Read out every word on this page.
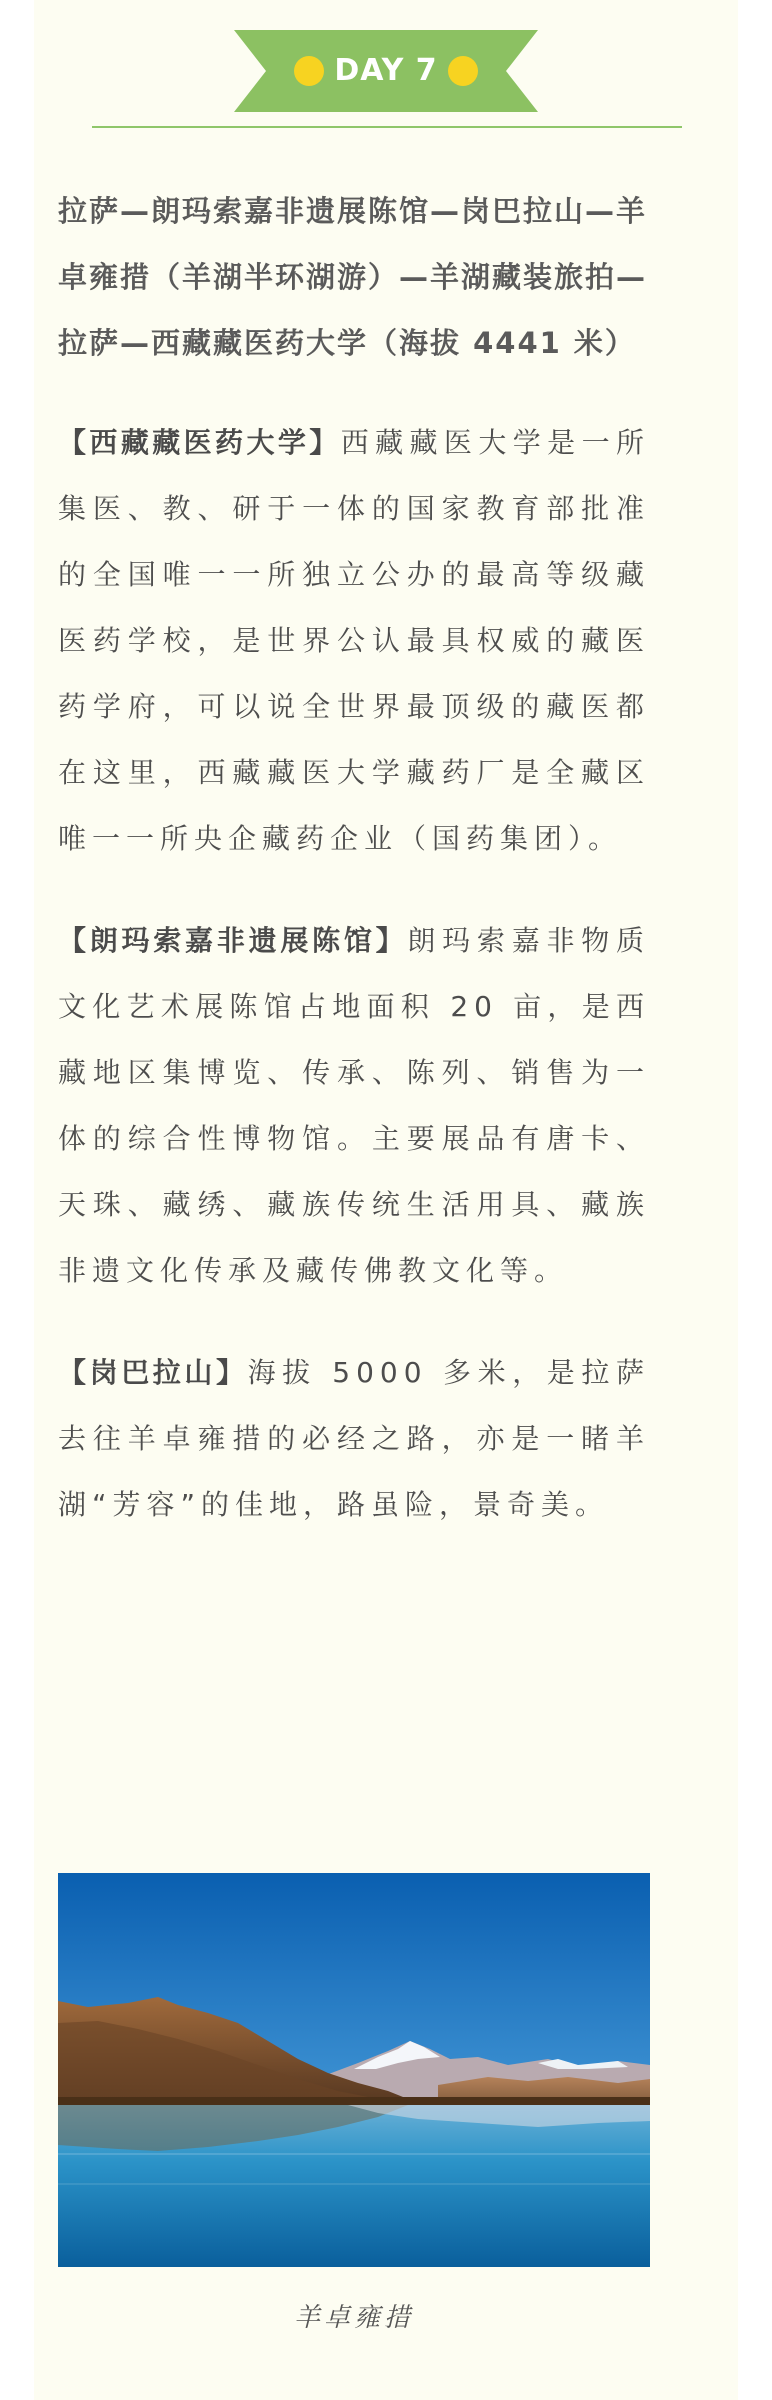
DAY 7

拉萨—朗玛索嘉非遗展陈馆—岗巴拉山—羊卓雍措（羊湖半环湖游）—羊湖藏装旅拍—拉萨—西藏藏医药大学（海拔 4441 米）

【西藏藏医药大学】西藏藏医大学是一所集医、教、研于一体的国家教育部批准的全国唯一一所独立公办的最高等级藏医药学校，是世界公认最具权威的藏医药学府，可以说全世界最顶级的藏医都在这里，西藏藏医大学藏药厂是全藏区唯一一所央企藏药企业（国药集团）。

【朗玛索嘉非遗展陈馆】朗玛索嘉非物质文化艺术展陈馆占地面积 20 亩，是西藏地区集博览、传承、陈列、销售为一体的综合性博物馆。主要展品有唐卡、天珠、藏绣、藏族传统生活用具、藏族非遗文化传承及藏传佛教文化等。

【岗巴拉山】海拔 5000 多米，是拉萨去往羊卓雍措的必经之路，亦是一睹羊湖“芳容”的佳地，路虽险，景奇美。

羊卓雍措
